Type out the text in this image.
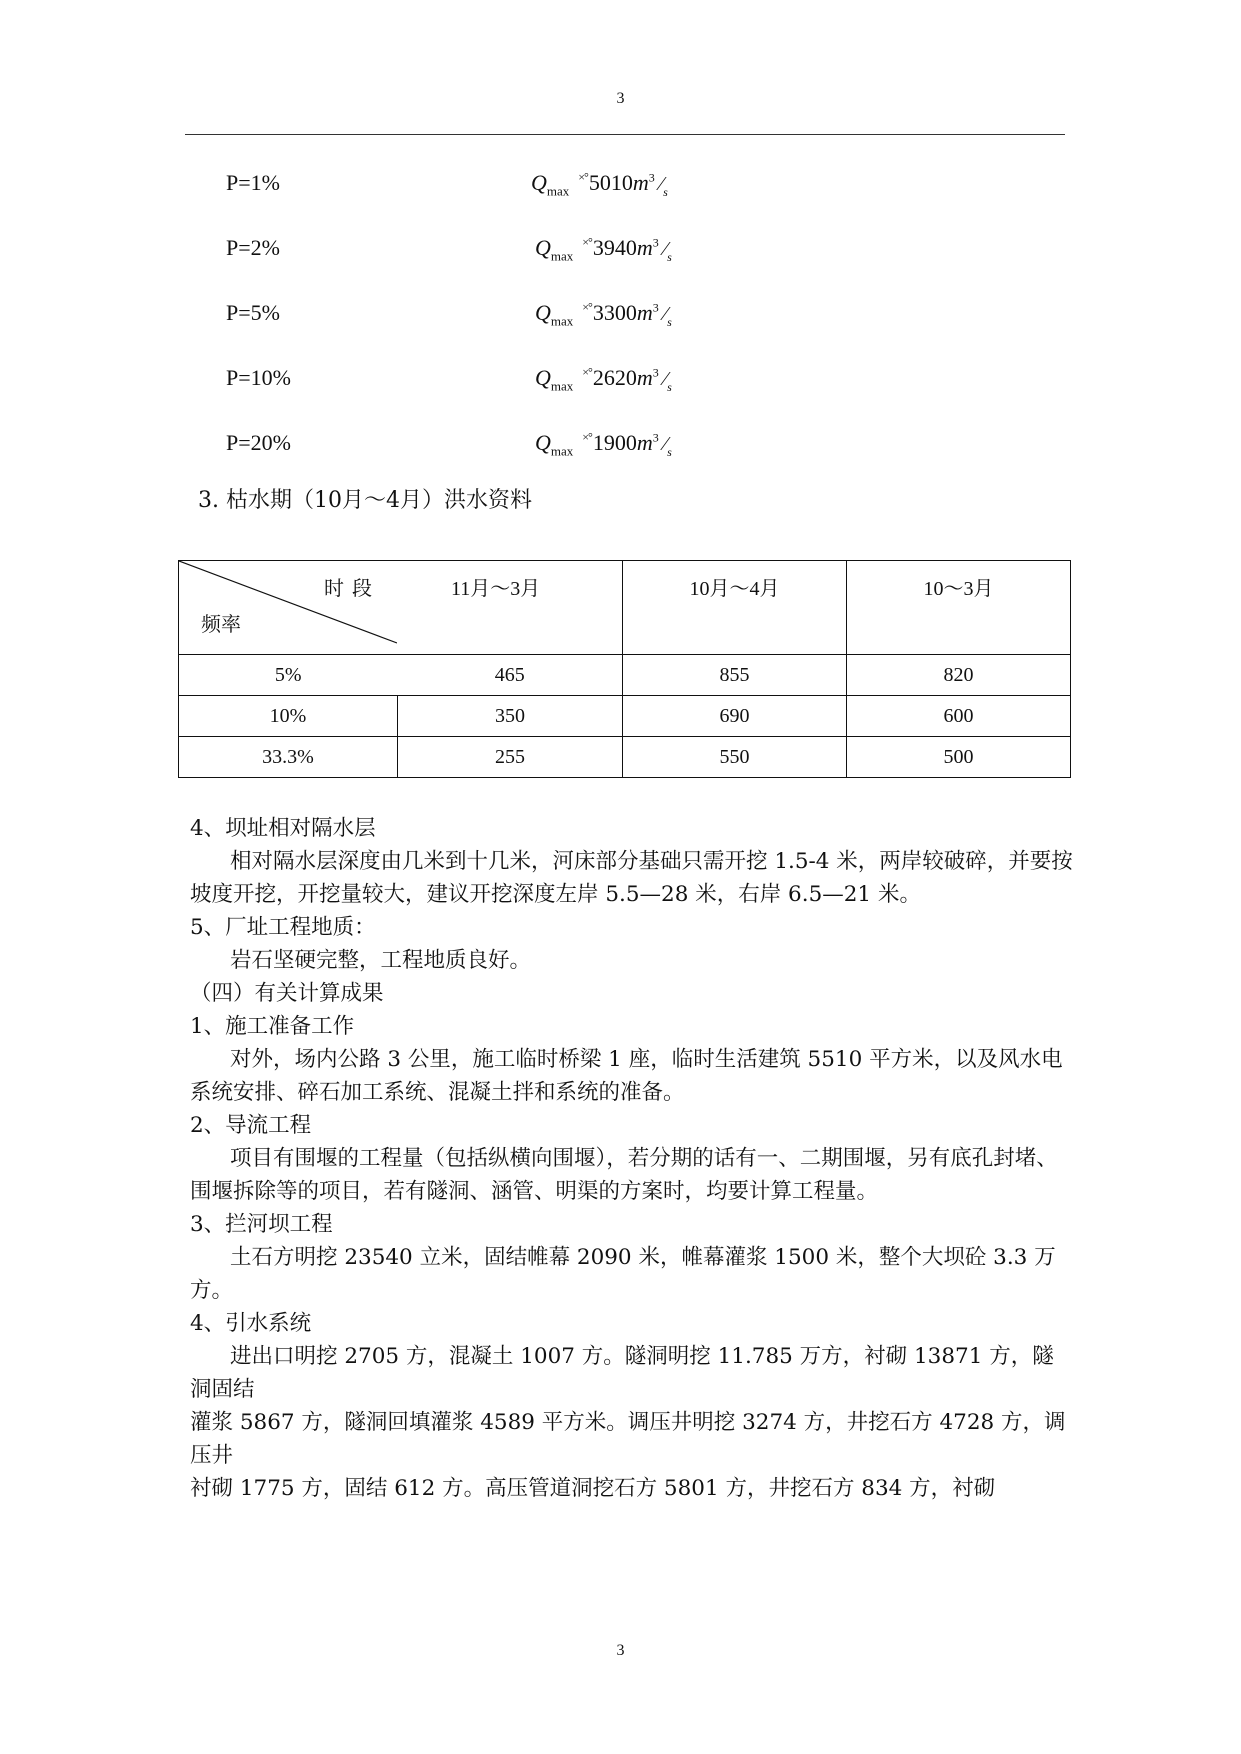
3
P=1%	$Q_{max}^{\times^\circ}5010m^3$ $⁄_s$
P=2%	$Q_{max}^{\times^\circ}3940m^3$ $⁄_s$
P=5%	$Q_{max}^{\times^\circ}3300m^3$ $⁄_s$
P=10%	$Q_{max}^{\times^\circ}2620m^3$ $⁄_s$
P=20%	$Q_{max}^{\times^\circ}1900m^3$ $⁄_s$
3. 枯水期（10月～4月）洪水资料
时段
频率
11月～3月		10月～4月	10～3月
5%	465	855	820
10%	350	690	600
33.3%	255	550	500

4、坝址相对隔水层

相对隔水层深度由几米到十几米，河床部分基础只需开挖 1.5-4 米，两岸较破碎，并要按坡度开挖，开挖量较大，建议开挖深度左岸 5.5—28 米，右岸 6.5—21 米。

5、厂址工程地质：

岩石坚硬完整，工程地质良好。

（四）有关计算成果

1、施工准备工作

对外，场内公路 3 公里，施工临时桥梁 1 座，临时生活建筑 5510 平方米，以及风水电

系统安排、碎石加工系统、混凝土拌和系统的准备。

2、导流工程

项目有围堰的工程量（包括纵横向围堰），若分期的话有一、二期围堰，另有底孔封堵、

围堰拆除等的项目，若有隧洞、涵管、明渠的方案时，均要计算工程量。

3、拦河坝工程

土石方明挖 23540 立米，固结帷幕 2090 米，帷幕灌浆 1500 米，整个大坝砼 3.3 万方。

4、引水系统

进出口明挖 2705 方，混凝土 1007 方。隧洞明挖 11.785 万方，衬砌 13871 方，隧洞固结

灌浆 5867 方，隧洞回填灌浆 4589 平方米。调压井明挖 3274 方，井挖石方 4728 方，调压井

衬砌 1775 方，固结 612 方。高压管道洞挖石方 5801 方，井挖石方 834 方，衬砌

3
